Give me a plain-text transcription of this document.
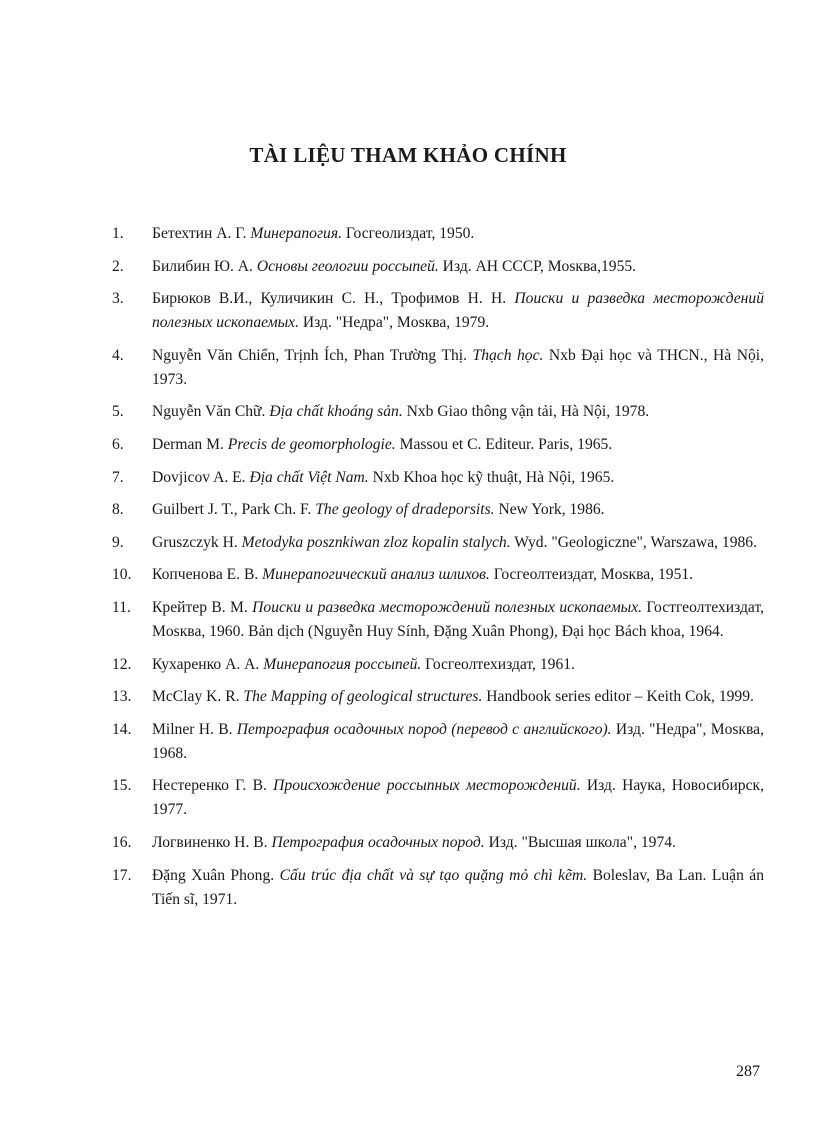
TÀI LIỆU THAM KHẢO CHÍNH
1.	Бетехтин А. Г. Минерапогия. Госгеолиздат, 1950.
2.	Билибин Ю. А. Основы геологии россыпей. Изд. АН СССР, Mosква,1955.
3.	Бирюков В.И., Куличикин С. Н., Трофимов Н. Н. Поиски и разведка месторождений полезных ископаемых. Изд. "Недра", Mosква, 1979.
4.	Nguyễn Văn Chiển, Trịnh Ích, Phan Trường Thị. Thạch học. Nxb Đại học và THCN., Hà Nội, 1973.
5.	Nguyễn Văn Chữ. Địa chất khoáng sản. Nxb Giao thông vận tải, Hà Nội, 1978.
6.	Derman M. Precis de geomorphologie. Massou et C. Editeur. Paris, 1965.
7.	Dovjicov A. E. Địa chất Việt Nam. Nxb Khoa học kỹ thuật, Hà Nội, 1965.
8.	Guilbert J. T., Park Ch. F. The geology of dradeporsits. New York, 1986.
9.	Gruszczyk H. Metodyka posznkiwan zloz kopalin stalych. Wyd. "Geologiczne", Warszawa, 1986.
10.	Копченова Е. В. Минерапогический анализ шлихов. Госгеолтеиздат, Mosква, 1951.
11.	Крейтер В. М. Поиски и разведка месторождений полезных ископаемых. Гостгеолтехиздат, Mosква, 1960. Bản dịch (Nguyễn Huy Sính, Đặng Xuân Phong), Đại học Bách khoa, 1964.
12.	Кухаренко А. А. Минерапогия россыпей. Госгеолтехиздат, 1961.
13.	McClay K. R. The Mapping of geological structures. Handbook series editor – Keith Cok, 1999.
14.	Milner H. B. Петрография осадочных пород (перевод с английского). Изд. "Недра", Mosква, 1968.
15.	Нестеренко Г. В. Происхождение россыпных месторождений. Изд. Наука, Новосибирск, 1977.
16.	Логвиненко Н. В. Петрография осадочных пород. Изд. "Высшая школа", 1974.
17.	Đặng Xuân Phong. Cấu trúc địa chất và sự tạo quặng mỏ chì kẽm. Boleslav, Ba Lan. Luận án Tiến sĩ, 1971.
287
